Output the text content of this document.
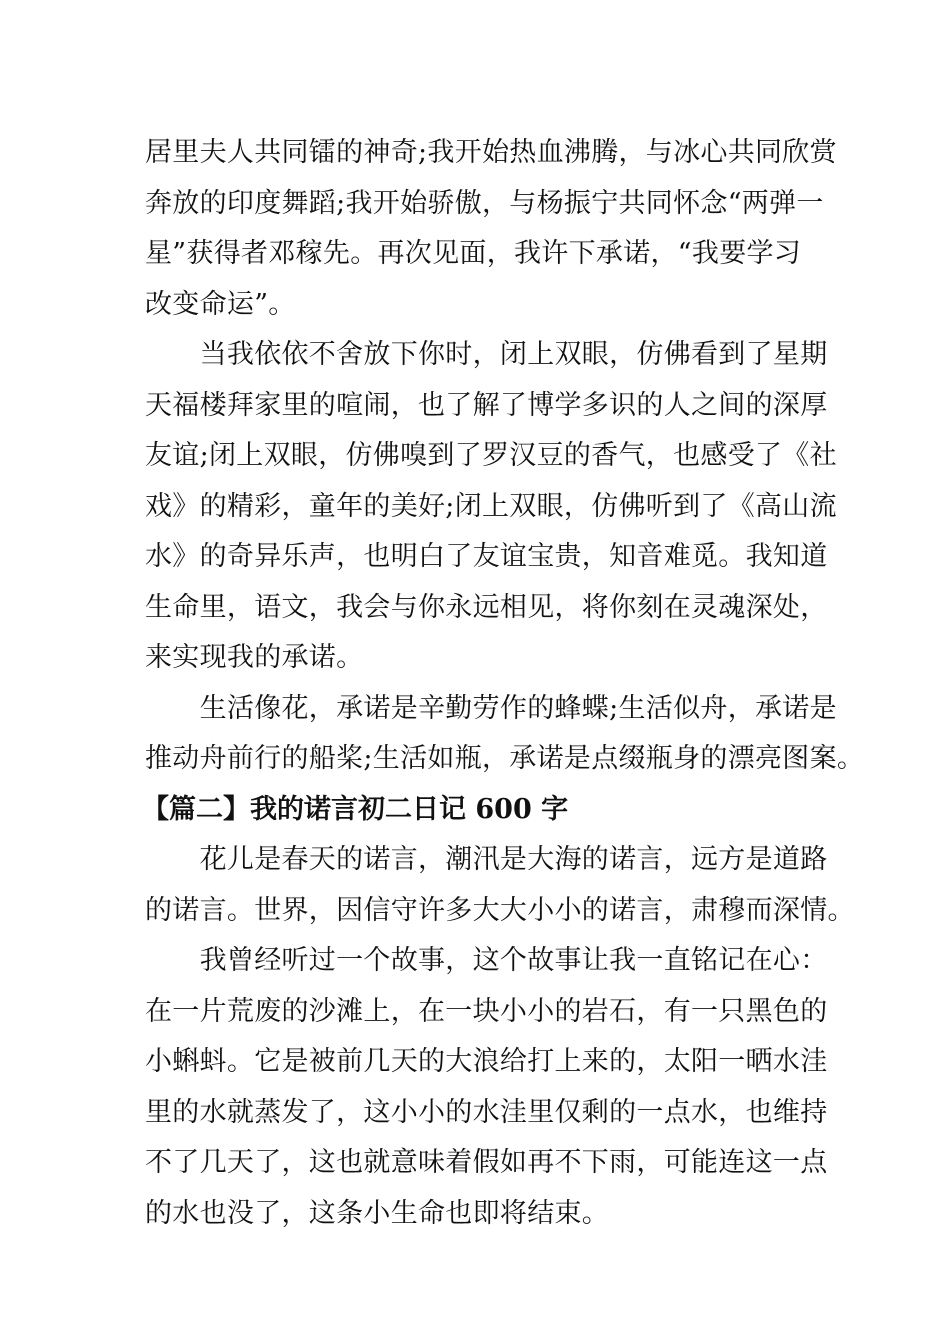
居里夫人共同镭的神奇;我开始热血沸腾，与冰心共同欣赏
奔放的印度舞蹈;我开始骄傲，与杨振宁共同怀念“两弹一
星”获得者邓稼先。再次见面，我许下承诺，“我要学习
改变命运”。

　　当我依依不舍放下你时，闭上双眼，仿佛看到了星期
天福楼拜家里的喧闹，也了解了博学多识的人之间的深厚
友谊;闭上双眼，仿佛嗅到了罗汉豆的香气，也感受了《社
戏》的精彩，童年的美好;闭上双眼，仿佛听到了《高山流
水》的奇异乐声，也明白了友谊宝贵，知音难觅。我知道
生命里，语文，我会与你永远相见，将你刻在灵魂深处，
来实现我的承诺。

　　生活像花，承诺是辛勤劳作的蜂蝶;生活似舟，承诺是
推动舟前行的船桨;生活如瓶，承诺是点缀瓶身的漂亮图案。

【篇二】我的诺言初二日记 600 字

　　花儿是春天的诺言，潮汛是大海的诺言，远方是道路
的诺言。世界，因信守许多大大小小的诺言，肃穆而深情。

　　我曾经听过一个故事，这个故事让我一直铭记在心：
在一片荒废的沙滩上，在一块小小的岩石，有一只黑色的
小蝌蚪。它是被前几天的大浪给打上来的，太阳一晒水洼
里的水就蒸发了，这小小的水洼里仅剩的一点水，也维持
不了几天了，这也就意味着假如再不下雨，可能连这一点
的水也没了，这条小生命也即将结束。
